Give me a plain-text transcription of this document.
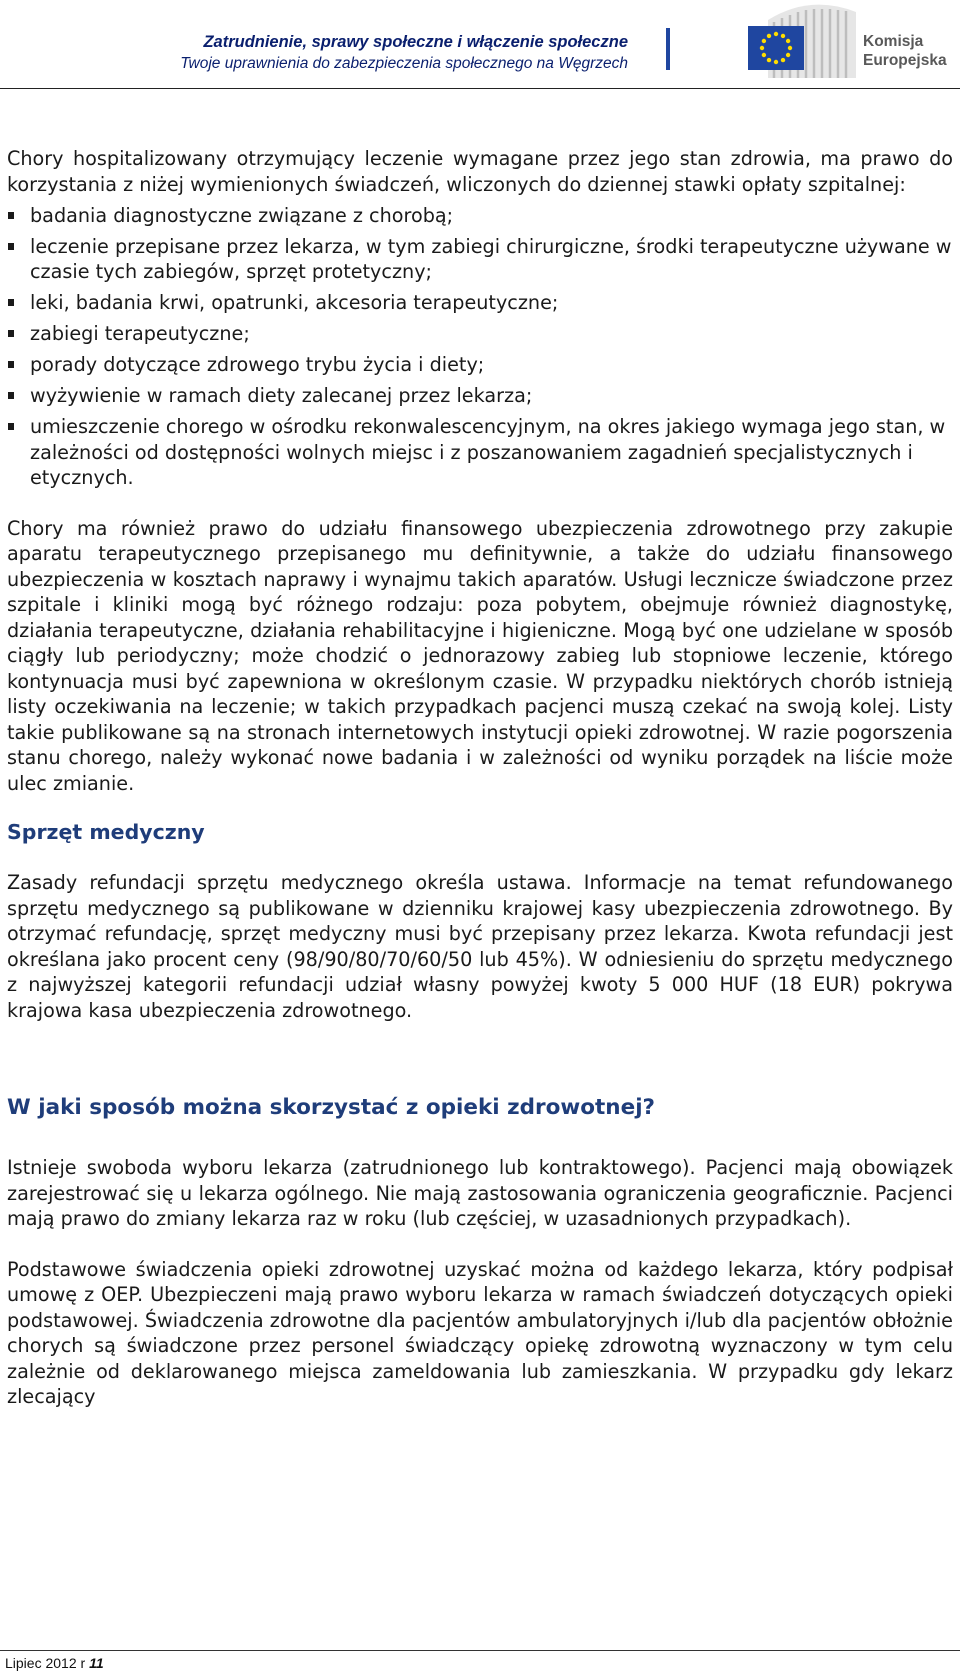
Zatrudnienie, sprawy społeczne i włączenie społeczne
Twoje uprawnienia do zabezpieczenia społecznego na Węgrzech
Komisja
Europejska

Chory hospitalizowany otrzymujący leczenie wymagane przez jego stan zdrowia, ma prawo do korzystania z niżej wymienionych świadczeń, wliczonych do dziennej stawki opłaty szpitalnej:

badania diagnostyczne związane z chorobą;
leczenie przepisane przez lekarza, w tym zabiegi chirurgiczne, środki terapeutyczne używane w czasie tych zabiegów, sprzęt protetyczny;
leki, badania krwi, opatrunki, akcesoria terapeutyczne;
zabiegi terapeutyczne;
porady dotyczące zdrowego trybu życia i diety;
wyżywienie w ramach diety zalecanej przez lekarza;
umieszczenie chorego w ośrodku rekonwalescencyjnym, na okres jakiego wymaga jego stan, w zależności od dostępności wolnych miejsc i z poszanowaniem zagadnień specjalistycznych i etycznych.

Chory ma również prawo do udziału finansowego ubezpieczenia zdrowotnego przy zakupie aparatu terapeutycznego przepisanego mu definitywnie, a także do udziału finansowego ubezpieczenia w kosztach naprawy i wynajmu takich aparatów. Usługi lecznicze świadczone przez szpitale i kliniki mogą być różnego rodzaju: poza pobytem, obejmuje również diagnostykę, działania terapeutyczne, działania rehabilitacyjne i higieniczne. Mogą być one udzielane w sposób ciągły lub periodyczny; może chodzić o jednorazowy zabieg lub stopniowe leczenie, którego kontynuacja musi być zapewniona w określonym czasie. W przypadku niektórych chorób istnieją listy oczekiwania na leczenie; w takich przypadkach pacjenci muszą czekać na swoją kolej. Listy takie publikowane są na stronach internetowych instytucji opieki zdrowotnej. W razie pogorszenia stanu chorego, należy wykonać nowe badania i w zależności od wyniku porządek na liście może ulec zmianie.

Sprzęt medyczny

Zasady refundacji sprzętu medycznego określa ustawa. Informacje na temat refundowanego sprzętu medycznego są publikowane w dzienniku krajowej kasy ubezpieczenia zdrowotnego. By otrzymać refundację, sprzęt medyczny musi być przepisany przez lekarza. Kwota refundacji jest określana jako procent ceny (98/90/80/70/60/50 lub 45%). W odniesieniu do sprzętu medycznego z najwyższej kategorii refundacji udział własny powyżej kwoty 5 000 HUF (18 EUR) pokrywa krajowa kasa ubezpieczenia zdrowotnego.

W jaki sposób można skorzystać z opieki zdrowotnej?

Istnieje swoboda wyboru lekarza (zatrudnionego lub kontraktowego). Pacjenci mają obowiązek zarejestrować się u lekarza ogólnego. Nie mają zastosowania ograniczenia geograficznie. Pacjenci mają prawo do zmiany lekarza raz w roku (lub częściej, w uzasadnionych przypadkach).

Podstawowe świadczenia opieki zdrowotnej uzyskać można od każdego lekarza, który podpisał umowę z OEP. Ubezpieczeni mają prawo wyboru lekarza w ramach świadczeń dotyczących opieki podstawowej. Świadczenia zdrowotne dla pacjentów ambulatoryjnych i/lub dla pacjentów obłożnie chorych są świadczone przez personel świadczący opiekę zdrowotną wyznaczony w tym celu zależnie od deklarowanego miejsca zameldowania lub zamieszkania. W przypadku gdy lekarz zlecający

Lipiec 2012 r 11
